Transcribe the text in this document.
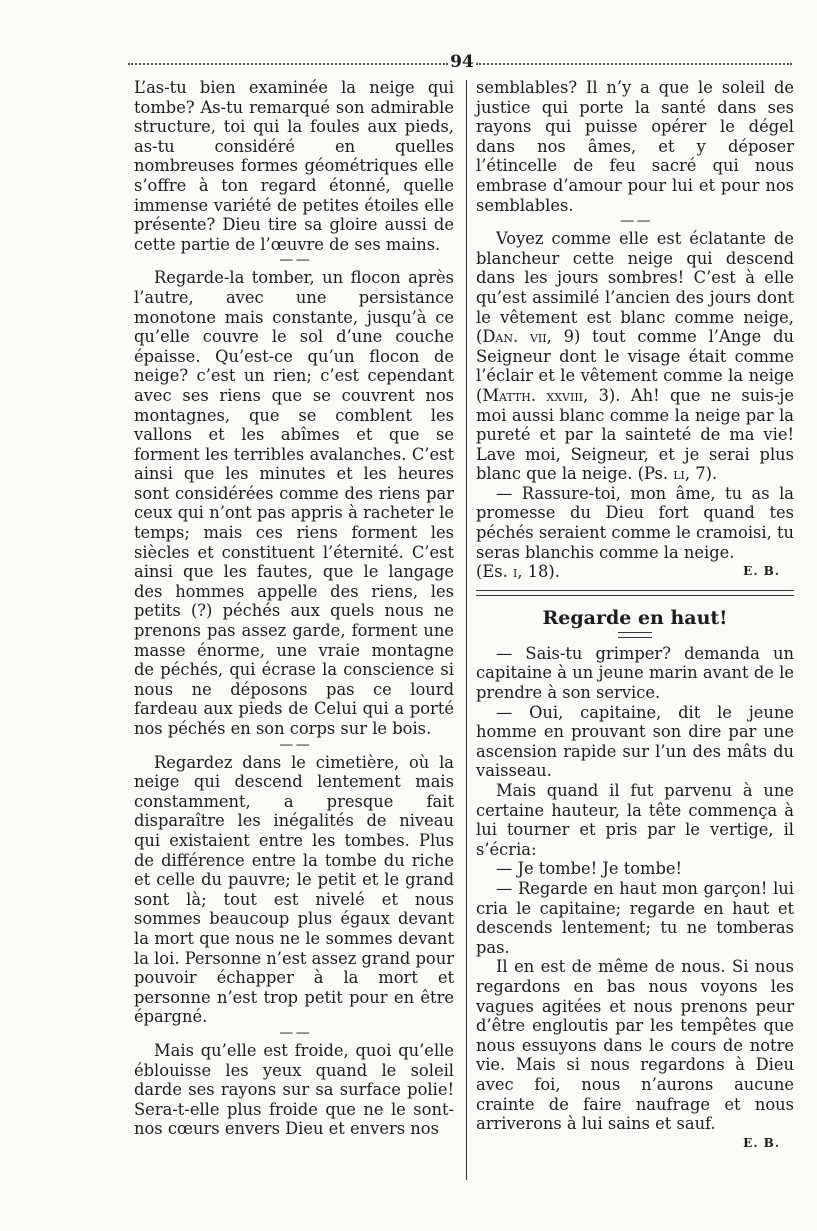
94

L’as-tu bien examinée la neige qui tombe? As-tu remarqué son admirable structure, toi qui la foules aux pieds, as-tu considéré en quelles nombreuses formes géométriques elle s’offre à ton regard étonné, quelle immense variété de petites étoiles elle présente? Dieu tire sa gloire aussi de cette partie de l’œuvre de ses mains.

— —

Regarde-la tomber, un flocon après l’autre, avec une persistance monotone mais constante, jusqu’à ce qu’elle couvre le sol d’une couche épaisse. Qu’est-ce qu’un flocon de neige? c’est un rien; c’est cependant avec ses riens que se couvrent nos montagnes, que se comblent les vallons et les abîmes et que se forment les terribles avalanches. C’est ainsi que les minutes et les heures sont considérées comme des riens par ceux qui n’ont pas appris à racheter le temps; mais ces riens forment les siècles et constituent l’éternité. C’est ainsi que les fautes, que le langage des hommes appelle des riens, les petits (?) péchés aux quels nous ne prenons pas assez garde, forment une masse énorme, une vraie montagne de péchés, qui écrase la conscience si nous ne déposons pas ce lourd fardeau aux pieds de Celui qui a porté nos péchés en son corps sur le bois.

— —

Regardez dans le cimetière, où la neige qui descend lentement mais constamment, a presque fait disparaître les inégalités de niveau qui existaient entre les tombes. Plus de différence entre la tombe du riche et celle du pauvre; le petit et le grand sont là; tout est nivelé et nous sommes beaucoup plus égaux devant la mort que nous ne le sommes devant la loi. Personne n’est assez grand pour pouvoir échapper à la mort et personne n’est trop petit pour en être épargné.

— —

Mais qu’elle est froide, quoi qu’elle éblouisse les yeux quand le soleil darde ses rayons sur sa surface polie! Sera-t-elle plus froide que ne le sont-nos cœurs envers Dieu et envers nos

semblables? Il n’y a que le soleil de justice qui porte la santé dans ses rayons qui puisse opérer le dégel dans nos âmes, et y déposer l’étincelle de feu sacré qui nous embrase d’amour pour lui et pour nos semblables.

— —

Voyez comme elle est éclatante de blancheur cette neige qui descend dans les jours sombres! C’est à elle qu’est assimilé l’ancien des jours dont le vêtement est blanc comme neige, (Dan. vii, 9) tout comme l’Ange du Seigneur dont le visage était comme l’éclair et le vêtement comme la neige (Matth. xxviii, 3). Ah! que ne suis-je moi aussi blanc comme la neige par la pureté et par la sainteté de ma vie! Lave moi, Seigneur, et je serai plus blanc que la neige. (Ps. li, 7).

— Rassure-toi, mon âme, tu as la promesse du Dieu fort quand tes péchés seraient comme le cramoisi, tu seras blanchis comme la neige.

(Es. i, 18).	E. B.
Regarde en haut!

— Sais-tu grimper? demanda un capitaine à un jeune marin avant de le prendre à son service.

— Oui, capitaine, dit le jeune homme en prouvant son dire par une ascension rapide sur l’un des mâts du vaisseau.

Mais quand il fut parvenu à une certaine hauteur, la tête commença à lui tourner et pris par le vertige, il s’écria:

— Je tombe! Je tombe!

— Regarde en haut mon garçon! lui cria le capitaine; regarde en haut et descends lentement; tu ne tomberas pas.

Il en est de même de nous. Si nous regardons en bas nous voyons les vagues agitées et nous prenons peur d’être engloutis par les tempêtes que nous essuyons dans le cours de notre vie. Mais si nous regardons à Dieu avec foi, nous n’aurons aucune crainte de faire naufrage et nous arriverons à lui sains et sauf.

E. B.
